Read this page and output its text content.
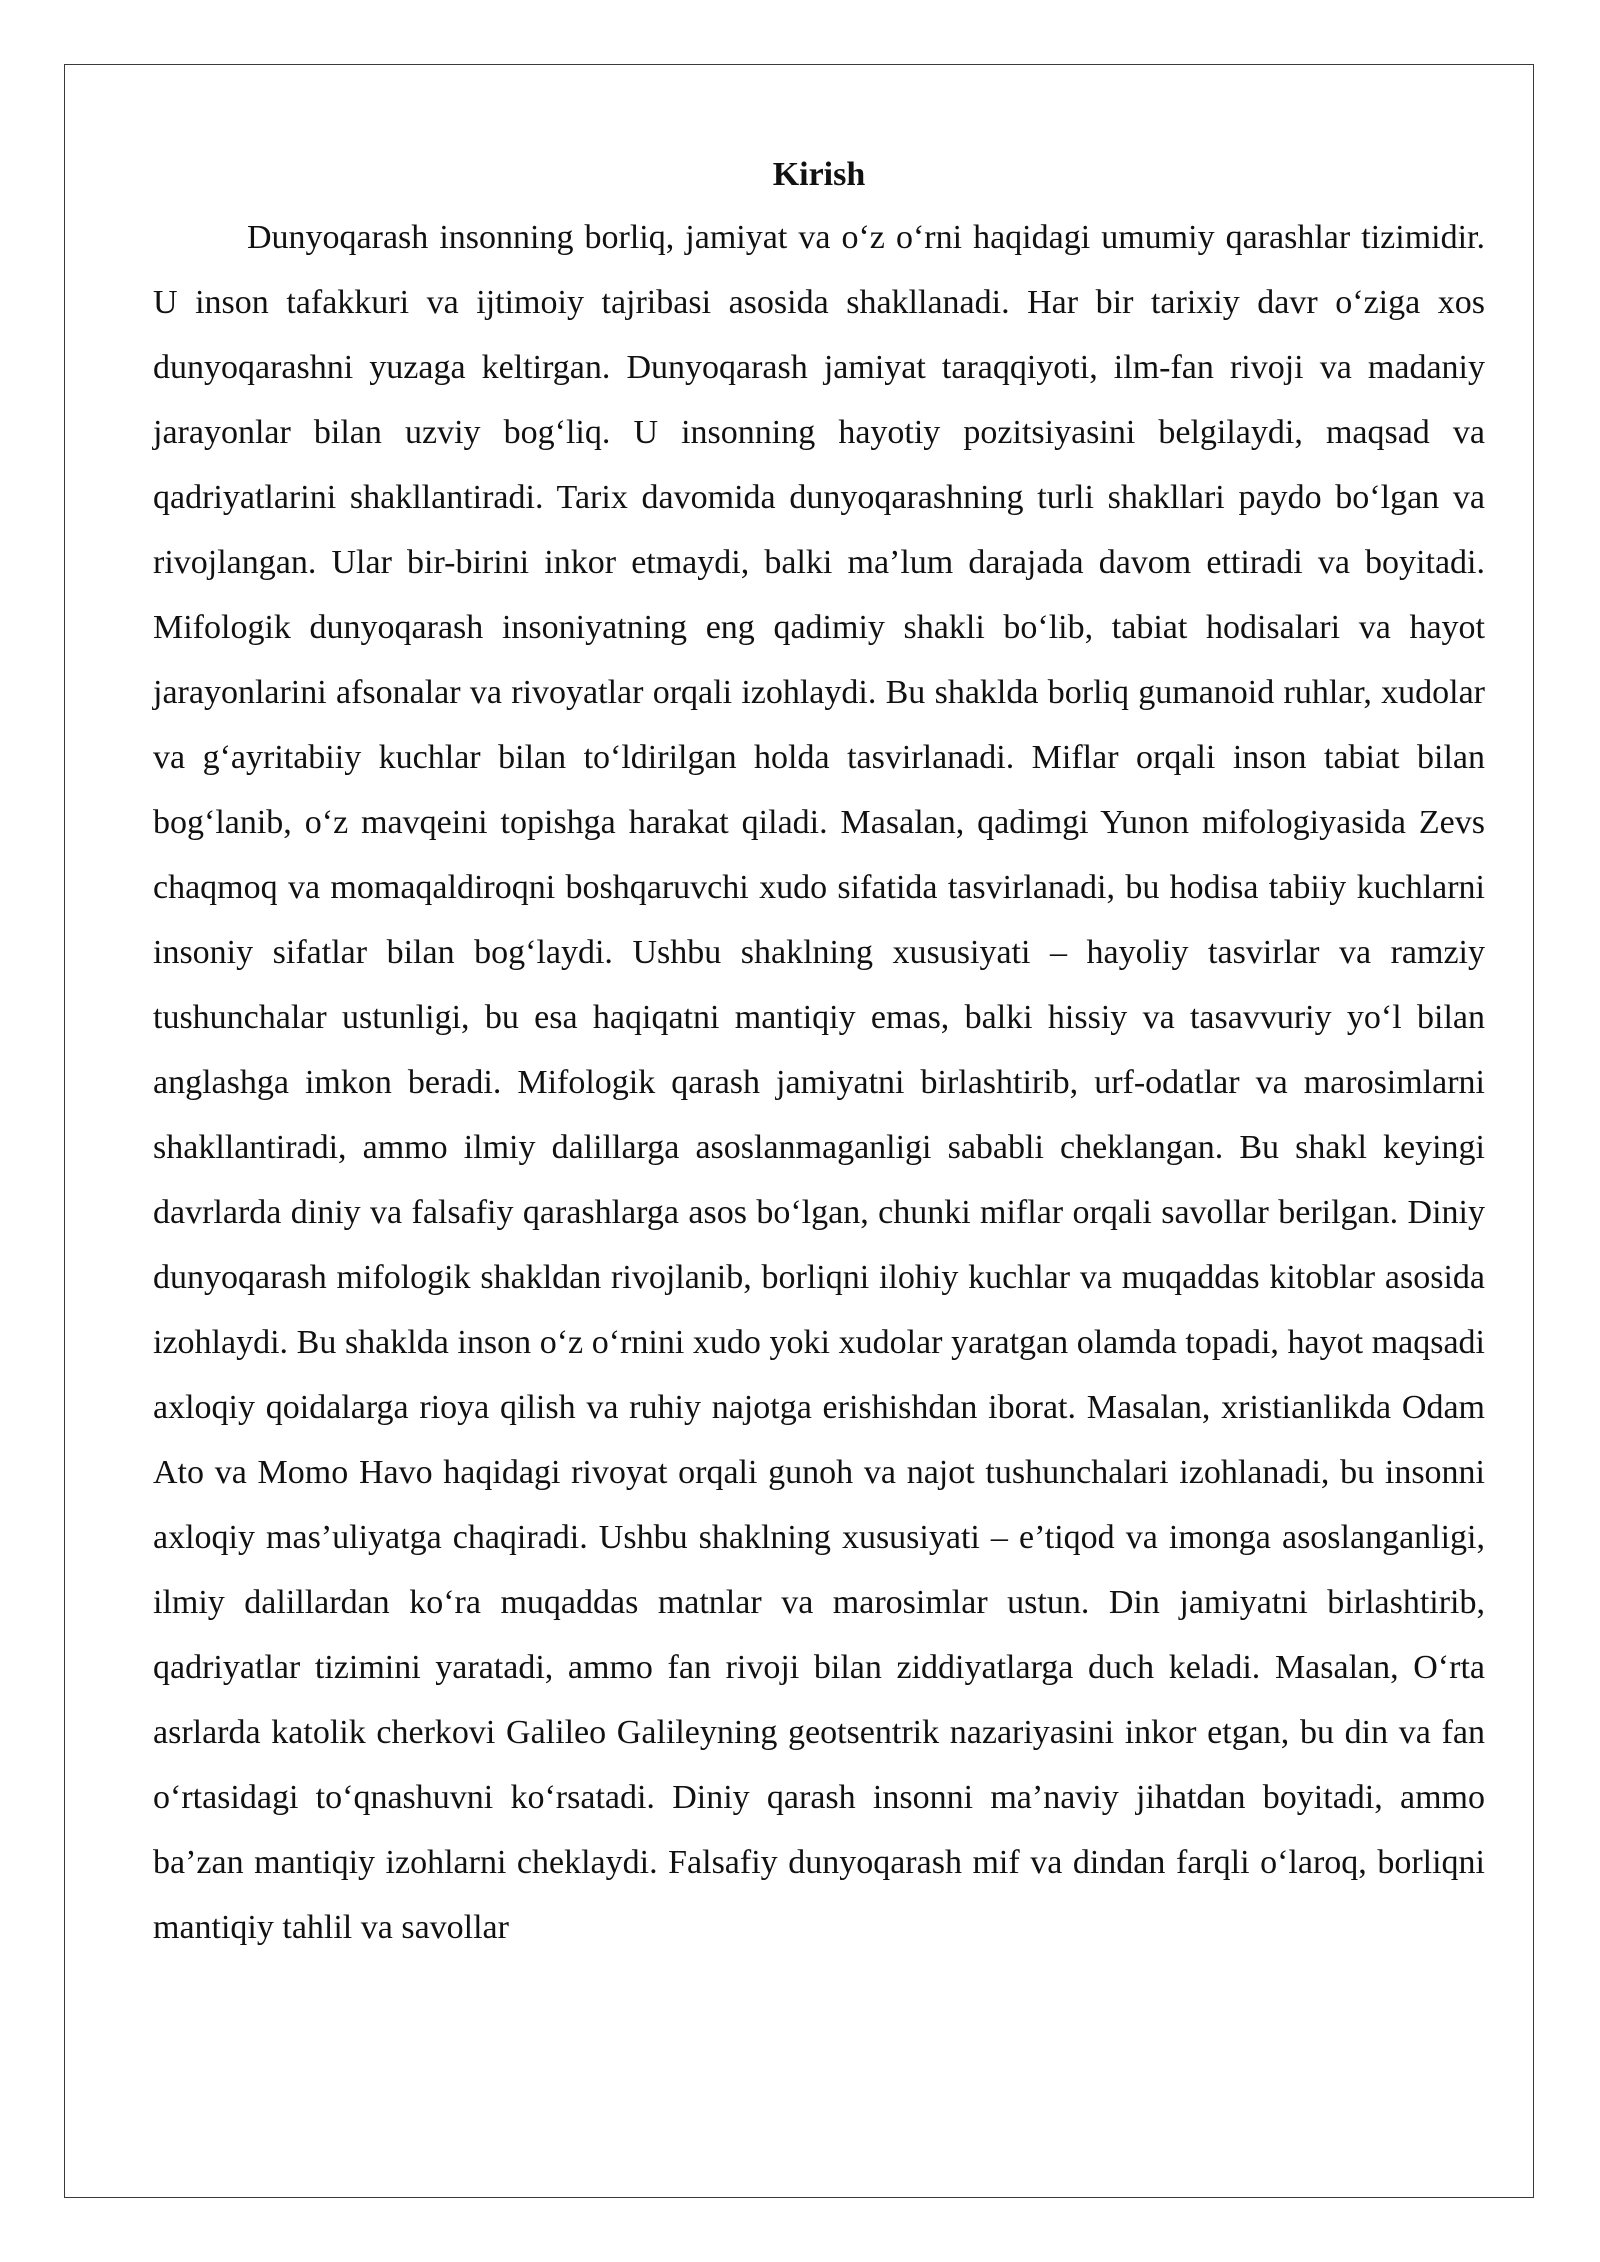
Kirish

Dunyoqarash insonning borliq, jamiyat va o‘z o‘rni haqidagi umumiy qarashlar tizimidir. U inson tafakkuri va ijtimoiy tajribasi asosida shakllanadi. Har bir tarixiy davr o‘ziga xos dunyoqarashni yuzaga keltirgan. Dunyoqarash jamiyat taraqqiyoti, ilm-fan rivoji va madaniy jarayonlar bilan uzviy bog‘liq. U insonning hayotiy pozitsiyasini belgilaydi, maqsad va qadriyatlarini shakllantiradi. Tarix davomida dunyoqarashning turli shakllari paydo bo‘lgan va rivojlangan. Ular bir-birini inkor etmaydi, balki ma’lum darajada davom ettiradi va boyitadi. Mifologik dunyoqarash insoniyatning eng qadimiy shakli bo‘lib, tabiat hodisalari va hayot jarayonlarini afsonalar va rivoyatlar orqali izohlaydi. Bu shaklda borliq gumanoid ruhlar, xudolar va g‘ayritabiiy kuchlar bilan to‘ldirilgan holda tasvirlanadi. Miflar orqali inson tabiat bilan bog‘lanib, o‘z mavqeini topishga harakat qiladi. Masalan, qadimgi Yunon mifologiyasida Zevs chaqmoq va momaqaldiroqni boshqaruvchi xudo sifatida tasvirlanadi, bu hodisa tabiiy kuchlarni insoniy sifatlar bilan bog‘laydi. Ushbu shaklning xususiyati – hayoliy tasvirlar va ramziy tushunchalar ustunligi, bu esa haqiqatni mantiqiy emas, balki hissiy va tasavvuriy yo‘l bilan anglashga imkon beradi. Mifologik qarash jamiyatni birlashtirib, urf-odatlar va marosimlarni shakllantiradi, ammo ilmiy dalillarga asoslanmaganligi sababli cheklangan. Bu shakl keyingi davrlarda diniy va falsafiy qarashlarga asos bo‘lgan, chunki miflar orqali savollar berilgan. Diniy dunyoqarash mifologik shakldan rivojlanib, borliqni ilohiy kuchlar va muqaddas kitoblar asosida izohlaydi. Bu shaklda inson o‘z o‘rnini xudo yoki xudolar yaratgan olamda topadi, hayot maqsadi axloqiy qoidalarga rioya qilish va ruhiy najotga erishishdan iborat. Masalan, xristianlikda Odam Ato va Momo Havo haqidagi rivoyat orqali gunoh va najot tushunchalari izohlanadi, bu insonni axloqiy mas’uliyatga chaqiradi. Ushbu shaklning xususiyati – e’tiqod va imonga asoslanganligi, ilmiy dalillardan ko‘ra muqaddas matnlar va marosimlar ustun. Din jamiyatni birlashtirib, qadriyatlar tizimini yaratadi, ammo fan rivoji bilan ziddiyatlarga duch keladi. Masalan, O‘rta asrlarda katolik cherkovi Galileo Galileyning geotsentrik nazariyasini inkor etgan, bu din va fan o‘rtasidagi to‘qnashuvni ko‘rsatadi. Diniy qarash insonni ma’naviy jihatdan boyitadi, ammo ba’zan mantiqiy izohlarni cheklaydi. Falsafiy dunyoqarash mif va dindan farqli o‘laroq, borliqni mantiqiy tahlil va savollar
